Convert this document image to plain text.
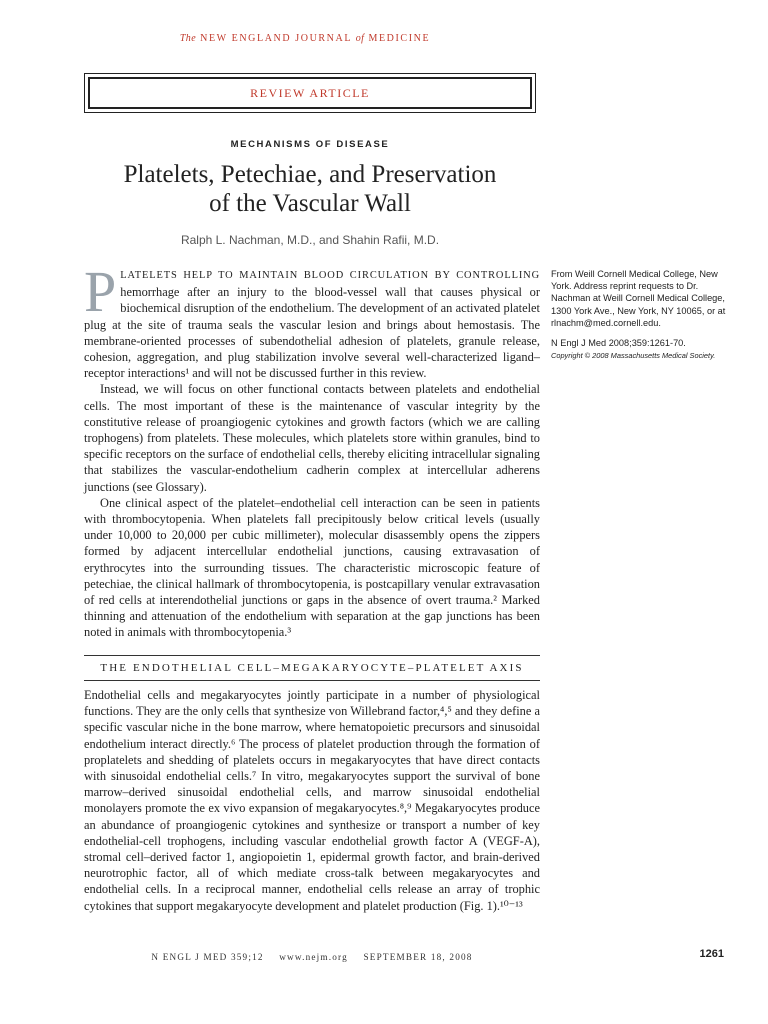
The NEW ENGLAND JOURNAL of MEDICINE
REVIEW ARTICLE
MECHANISMS OF DISEASE
Platelets, Petechiae, and Preservation
of the Vascular Wall
Ralph L. Nachman, M.D., and Shahin Rafii, M.D.

PLATELETS HELP TO MAINTAIN BLOOD CIRCULATION BY CONTROLLING hemorrhage after an injury to the blood-vessel wall that causes physical or biochemical disruption of the endothelium. The development of an activated platelet plug at the site of trauma seals the vascular lesion and brings about hemostasis. The membrane-oriented processes of subendothelial adhesion of platelets, granule release, cohesion, aggregation, and plug stabilization involve several well-characterized ligand–receptor interactions¹ and will not be discussed further in this review.

Instead, we will focus on other functional contacts between platelets and endothelial cells. The most important of these is the maintenance of vascular integrity by the constitutive release of proangiogenic cytokines and growth factors (which we are calling trophogens) from platelets. These molecules, which platelets store within granules, bind to specific receptors on the surface of endothelial cells, thereby eliciting intracellular signaling that stabilizes the vascular-endothelium cadherin complex at intercellular adherens junctions (see Glossary).

One clinical aspect of the platelet–endothelial cell interaction can be seen in patients with thrombocytopenia. When platelets fall precipitously below critical levels (usually under 10,000 to 20,000 per cubic millimeter), molecular disassembly opens the zippers formed by adjacent intercellular endothelial junctions, causing extravasation of erythrocytes into the surrounding tissues. The characteristic microscopic feature of petechiae, the clinical hallmark of thrombocytopenia, is postcapillary venular extravasation of red cells at interendothelial junctions or gaps in the absence of overt trauma.² Marked thinning and attenuation of the endothelium with separation at the gap junctions has been noted in animals with thrombocytopenia.³

From Weill Cornell Medical College, New York. Address reprint requests to Dr. Nachman at Weill Cornell Medical College, 1300 York Ave., New York, NY 10065, or at rlnachm@med.cornell.edu.

N Engl J Med 2008;359:1261-70.

Copyright © 2008 Massachusetts Medical Society.

THE ENDOTHELIAL CELL–MEGAKARYOCYTE–PLATELET AXIS

Endothelial cells and megakaryocytes jointly participate in a number of physiological functions. They are the only cells that synthesize von Willebrand factor,⁴,⁵ and they define a specific vascular niche in the bone marrow, where hematopoietic precursors and sinusoidal endothelium interact directly.⁶ The process of platelet production through the formation of proplatelets and shedding of platelets occurs in megakaryocytes that have direct contacts with sinusoidal endothelial cells.⁷ In vitro, megakaryocytes support the survival of bone marrow–derived sinusoidal endothelial cells, and marrow sinusoidal endothelial monolayers promote the ex vivo expansion of megakaryocytes.⁸,⁹ Megakaryocytes produce an abundance of proangiogenic cytokines and synthesize or transport a number of key endothelial-cell trophogens, including vascular endothelial growth factor A (VEGF-A), stromal cell–derived factor 1, angiopoietin 1, epidermal growth factor, and brain-derived neurotrophic factor, all of which mediate cross-talk between megakaryocytes and endothelial cells. In a reciprocal manner, endothelial cells release an array of trophic cytokines that support megakaryocyte development and platelet production (Fig. 1).¹⁰⁻¹³

N ENGL J MED 359;12 www.nejm.org SEPTEMBER 18, 2008	1261
